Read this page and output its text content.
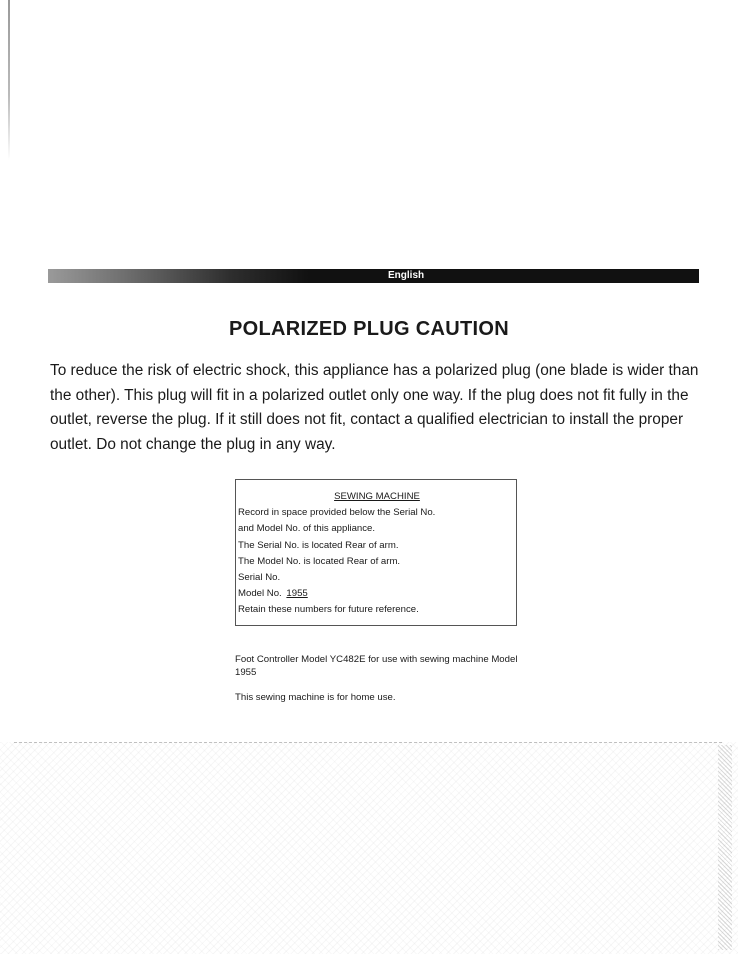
English
POLARIZED PLUG CAUTION

To reduce the risk of electric shock, this appliance has a polarized plug (one blade is wider than the other). This plug will fit in a polarized outlet only one way. If the plug does not fit fully in the outlet, reverse the plug. If it still does not fit, contact a qualified electrician to install the proper outlet. Do not change the plug in any way.

SEWING MACHINE
Record in space provided below the Serial No.
and Model No. of this appliance.
The Serial No. is located Rear of arm.
The Model No. is located Rear of arm.
Serial No.
Model No. 1955
Retain these numbers for future reference.

Foot Controller Model YC482E for use with sewing machine Model 1955

This sewing machine is for home use.
